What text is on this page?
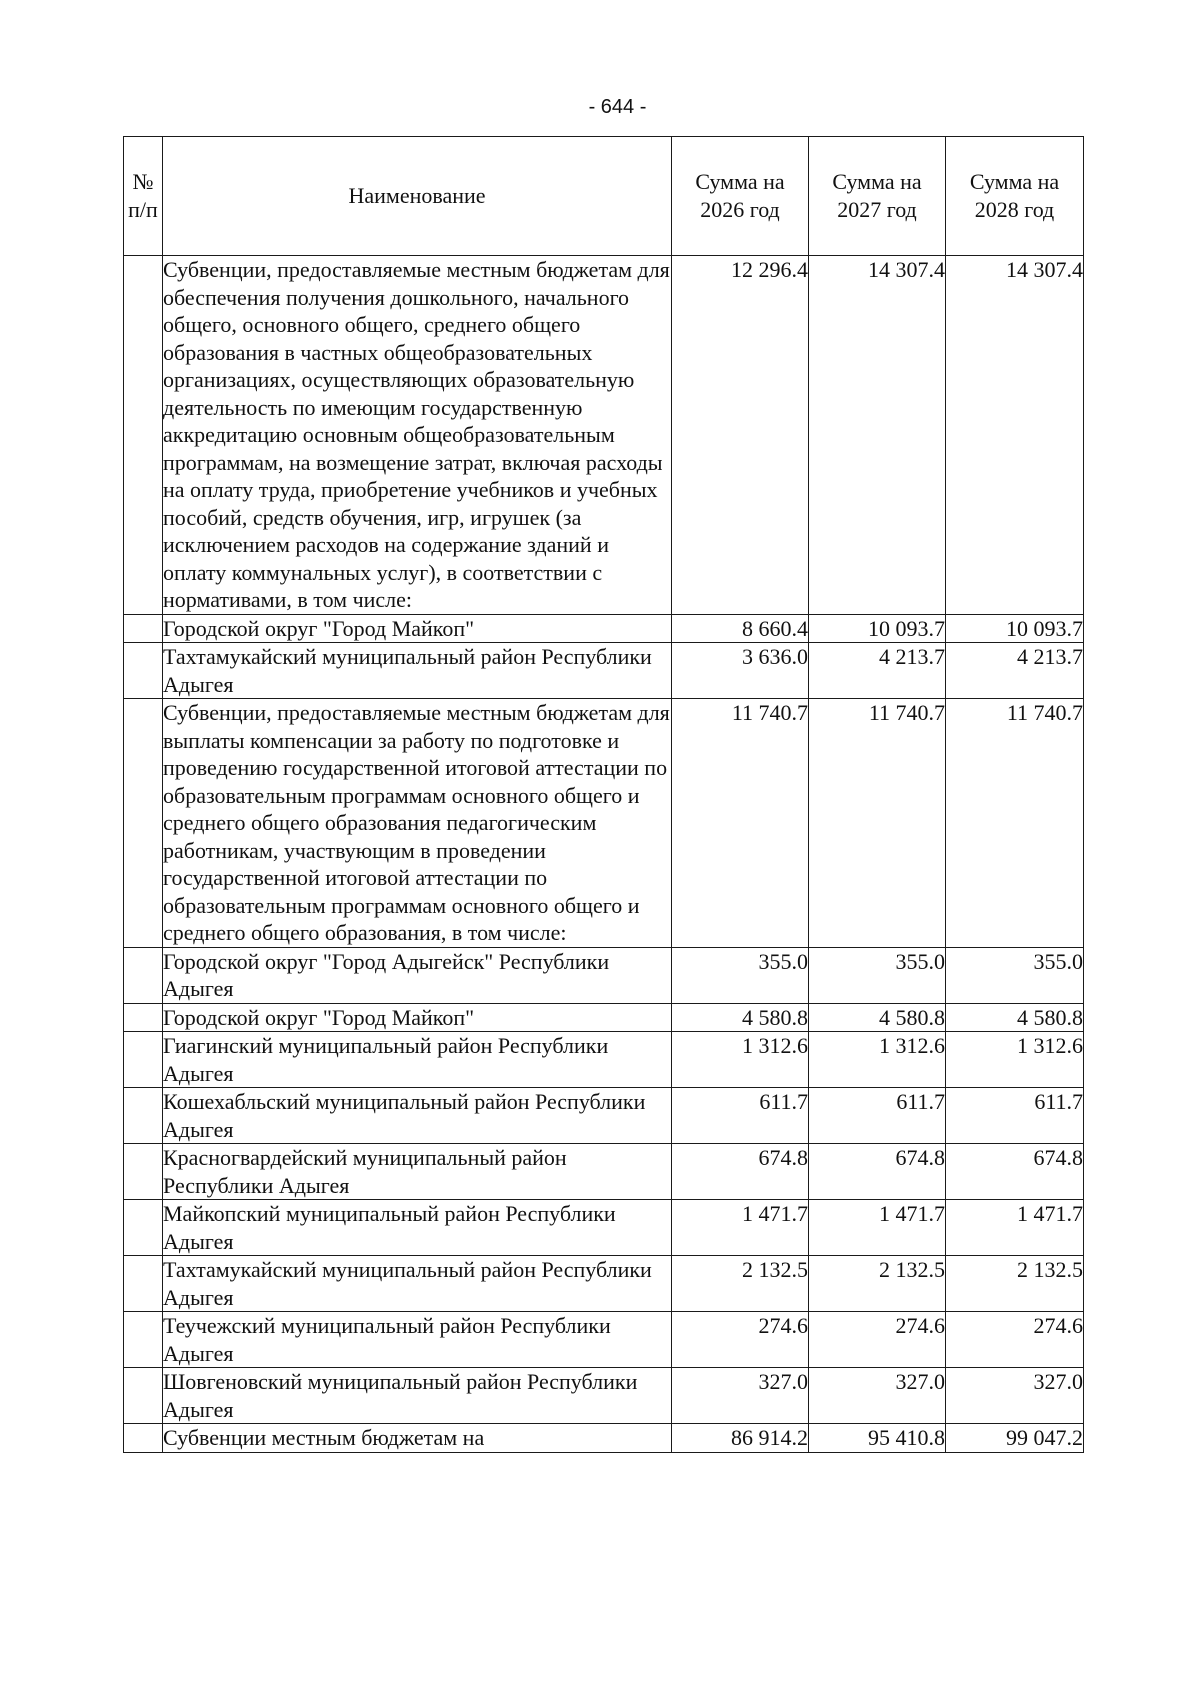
- 644 -
№
п/п	Наименование	Сумма на 2026 год	Сумма на 2027 год	Сумма на 2028 год
	Субвенции, предоставляемые местным бюджетам для обеспечения получения дошкольного, начального общего, основного общего, среднего общего образования в частных общеобразовательных организациях, осуществляющих образовательную деятельность по имеющим государственную аккредитацию основным общеобразовательным программам, на возмещение затрат, включая расходы на оплату труда, приобретение учебников и учебных пособий, средств обучения, игр, игрушек (за исключением расходов на содержание зданий и оплату коммунальных услуг), в соответствии с нормативами, в том числе:	12 296.4	14 307.4	14 307.4
	Городской округ "Город Майкоп"	8 660.4	10 093.7	10 093.7
	Тахтамукайский муниципальный район Республики Адыгея	3 636.0	4 213.7	4 213.7
	Субвенции, предоставляемые местным бюджетам для выплаты компенсации за работу по подготовке и проведению государственной итоговой аттестации по образовательным программам основного общего и среднего общего образования педагогическим работникам, участвующим в проведении государственной итоговой аттестации по образовательным программам основного общего и среднего общего образования, в том числе:	11 740.7	11 740.7	11 740.7
	Городской округ "Город Адыгейск" Республики Адыгея	355.0	355.0	355.0
	Городской округ "Город Майкоп"	4 580.8	4 580.8	4 580.8
	Гиагинский муниципальный район Республики Адыгея	1 312.6	1 312.6	1 312.6
	Кошехабльский муниципальный район Республики Адыгея	611.7	611.7	611.7
	Красногвардейский муниципальный район Республики Адыгея	674.8	674.8	674.8
	Майкопский муниципальный район Республики Адыгея	1 471.7	1 471.7	1 471.7
	Тахтамукайский муниципальный район Республики Адыгея	2 132.5	2 132.5	2 132.5
	Теучежский муниципальный район Республики Адыгея	274.6	274.6	274.6
	Шовгеновский муниципальный район Республики Адыгея	327.0	327.0	327.0
	Субвенции местным бюджетам на	86 914.2	95 410.8	99 047.2
